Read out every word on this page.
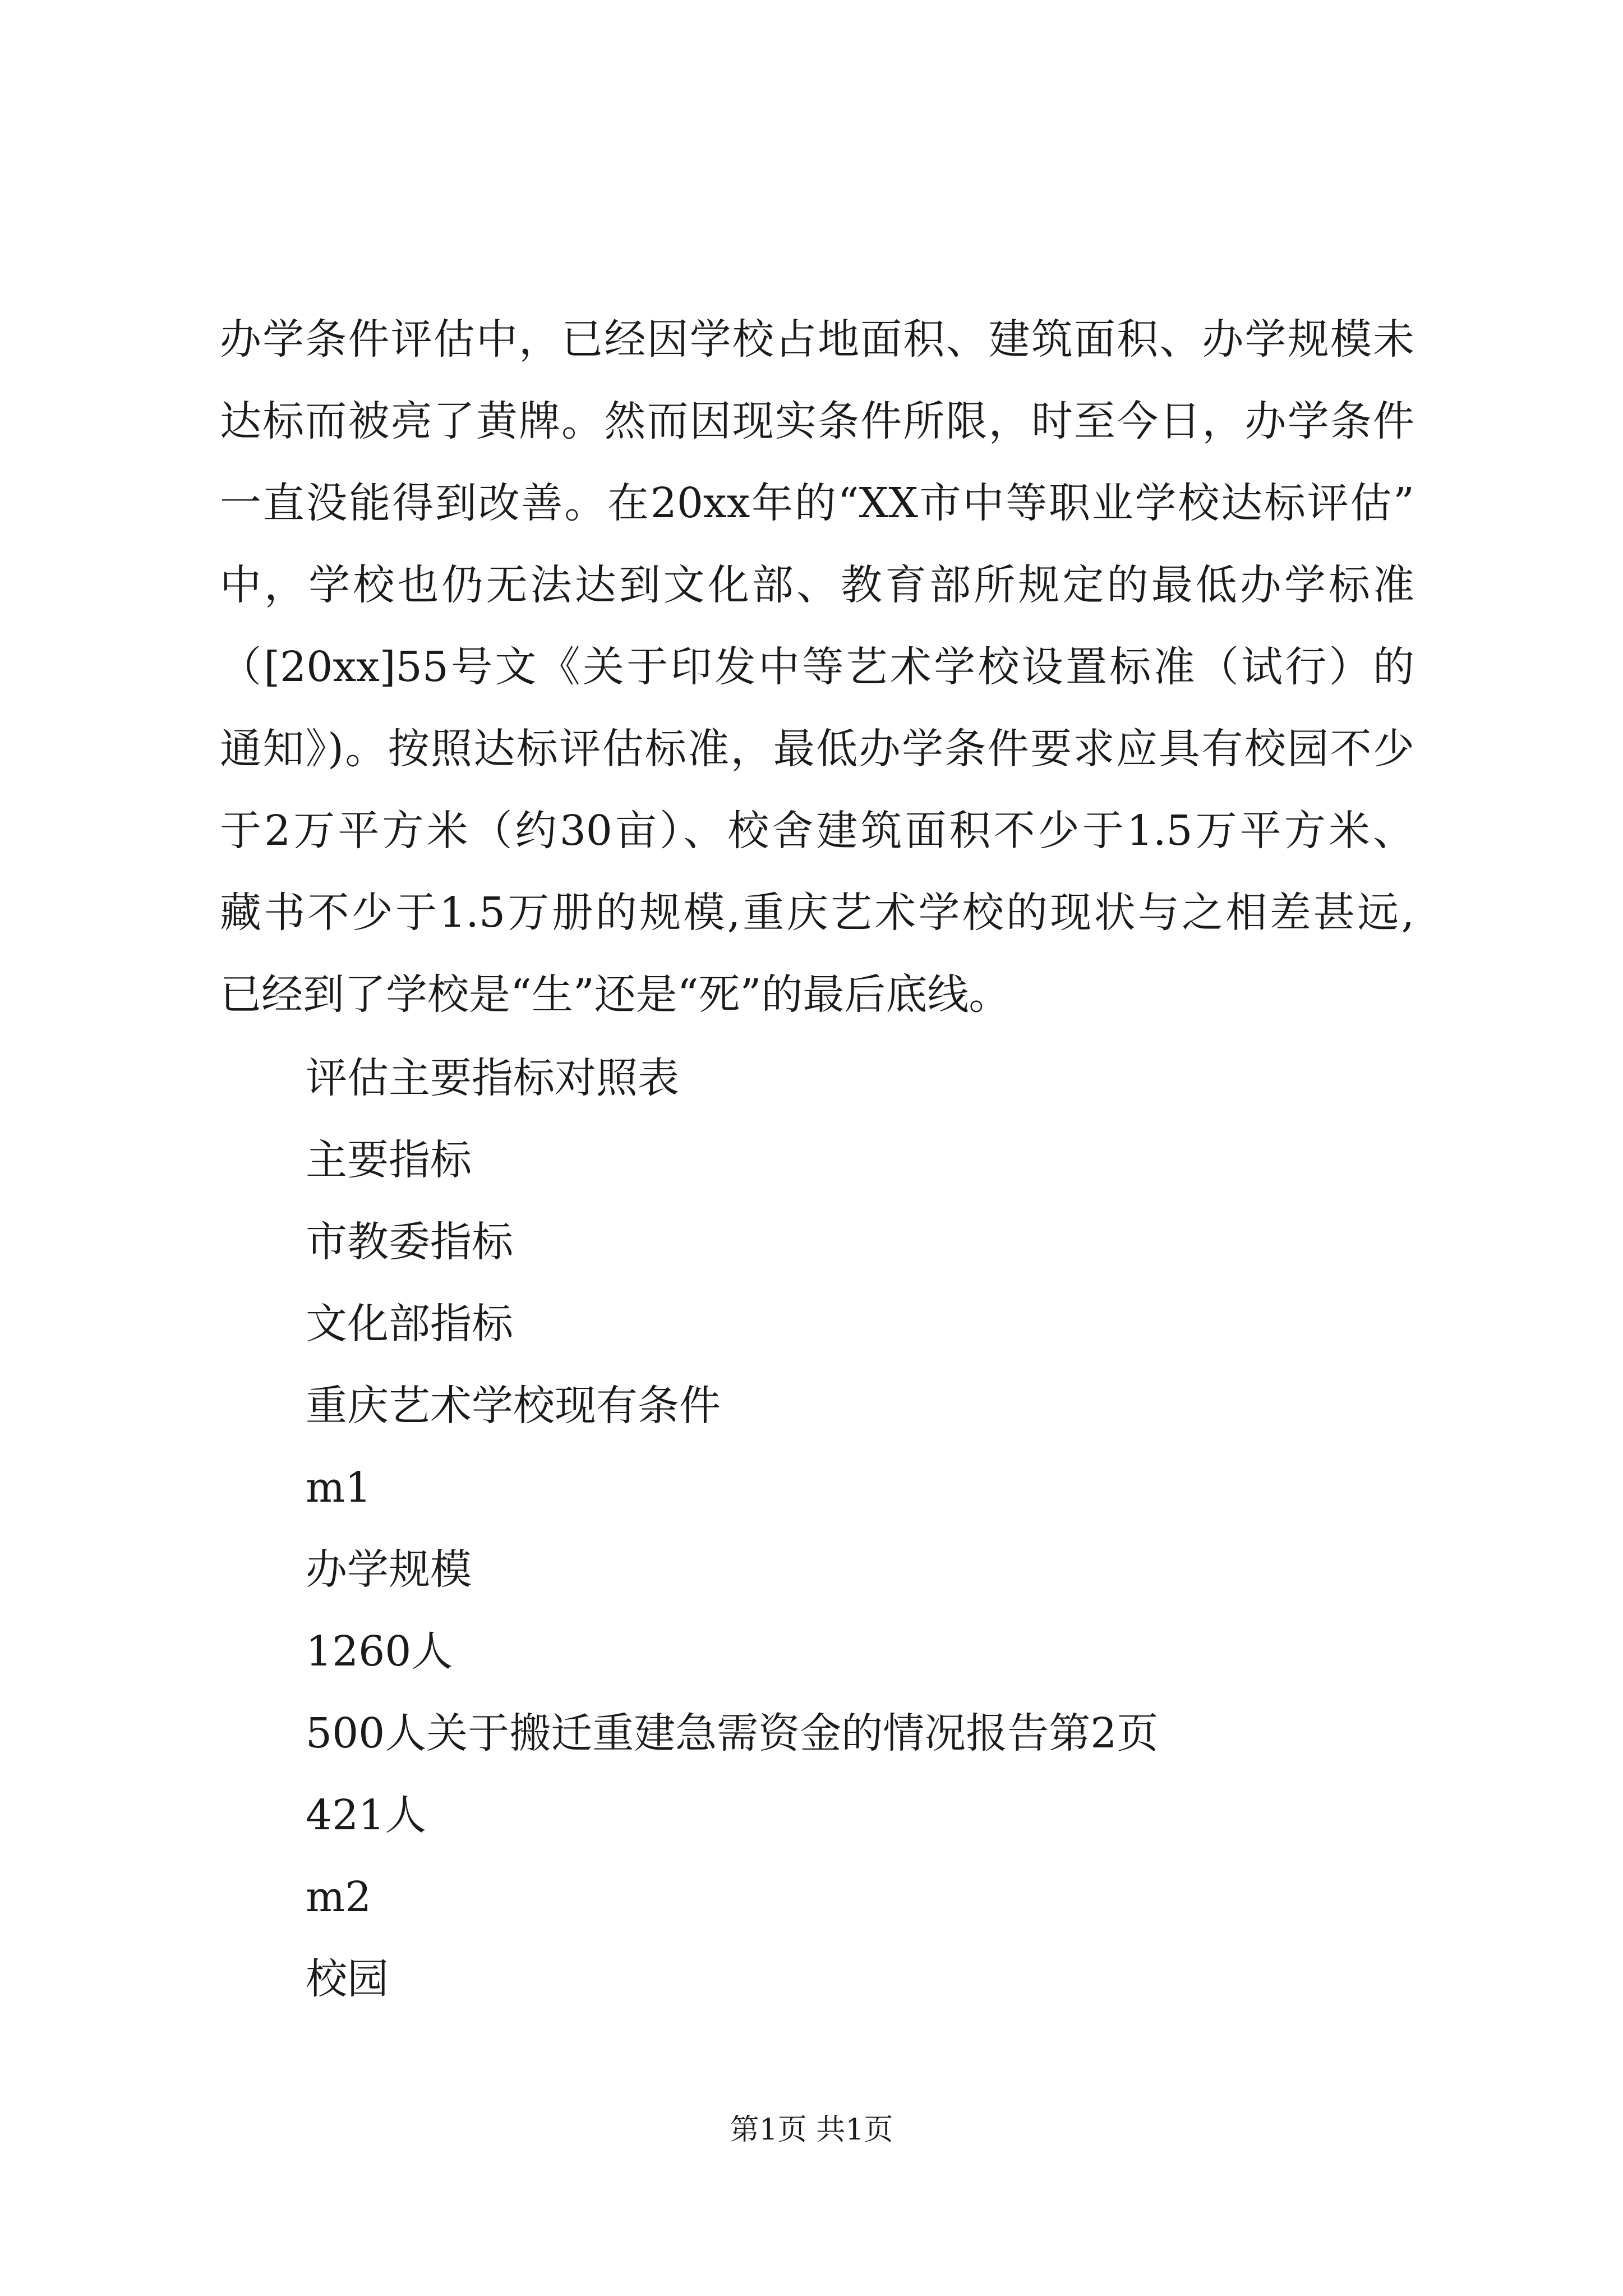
办学条件评估中，已经因学校占地面积、建筑面积、办学规模未
达标而被亮了黄牌。然而因现实条件所限，时至今日，办学条件
一直没能得到改善。在20xx年的“XX市中等职业学校达标评估”
中，学校也仍无法达到文化部、教育部所规定的最低办学标准
（[20xx]55号文《关于印发中等艺术学校设置标准（试行）的
通知》)。按照达标评估标准，最低办学条件要求应具有校园不少
于2万平方米（约30亩）、校舍建筑面积不少于1.5万平方米、
藏书不少于1.5万册的规模,重庆艺术学校的现状与之相差甚远,
已经到了学校是“生”还是“死”的最后底线。
评估主要指标对照表
主要指标
市教委指标
文化部指标
重庆艺术学校现有条件
m1
办学规模
1260人
500人关于搬迁重建急需资金的情况报告第2页
421人
m2
校园
第1页 共1页
